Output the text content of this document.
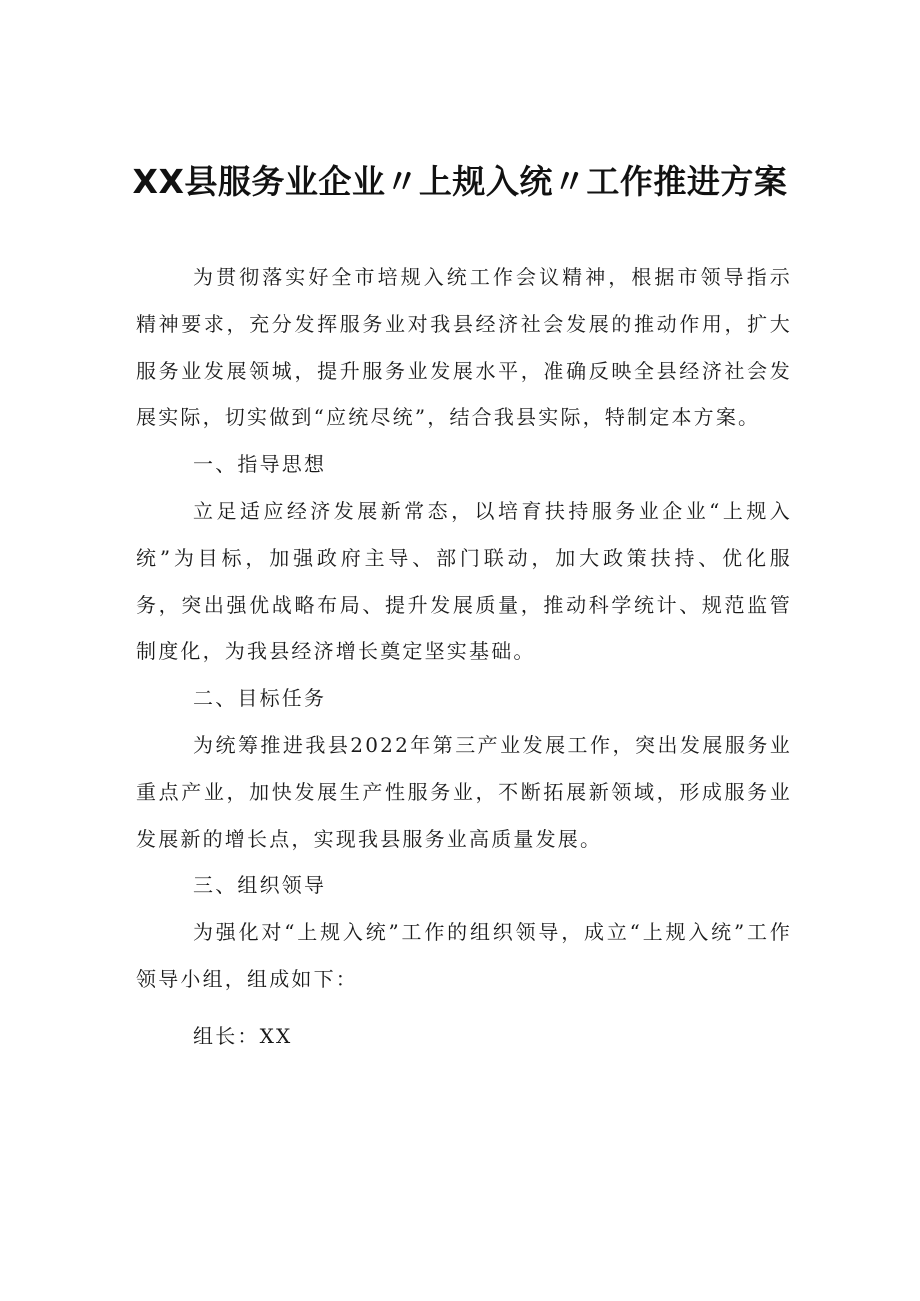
XX县服务业企业〃上规入统〃工作推进方案

为贯彻落实好全市培规入统工作会议精神，根据市领导指示精神要求，充分发挥服务业对我县经济社会发展的推动作用，扩大服务业发展领城，提升服务业发展水平，准确反映全县经济社会发展实际，切实做到“应统尽统”，结合我县实际，特制定本方案。

一、指导思想

立足适应经济发展新常态，以培育扶持服务业企业“上规入统”为目标，加强政府主导、部门联动，加大政策扶持、优化服务，突出强优战略布局、提升发展质量，推动科学统计、规范监管制度化，为我县经济增长奠定坚实基础。

二、目标任务

为统筹推进我县2022年第三产业发展工作，突出发展服务业重点产业，加快发展生产性服务业，不断拓展新领域，形成服务业发展新的增长点，实现我县服务业高质量发展。

三、组织领导

为强化对“上规入统”工作的组织领导，成立“上规入统”工作领导小组，组成如下：

组长：XX
